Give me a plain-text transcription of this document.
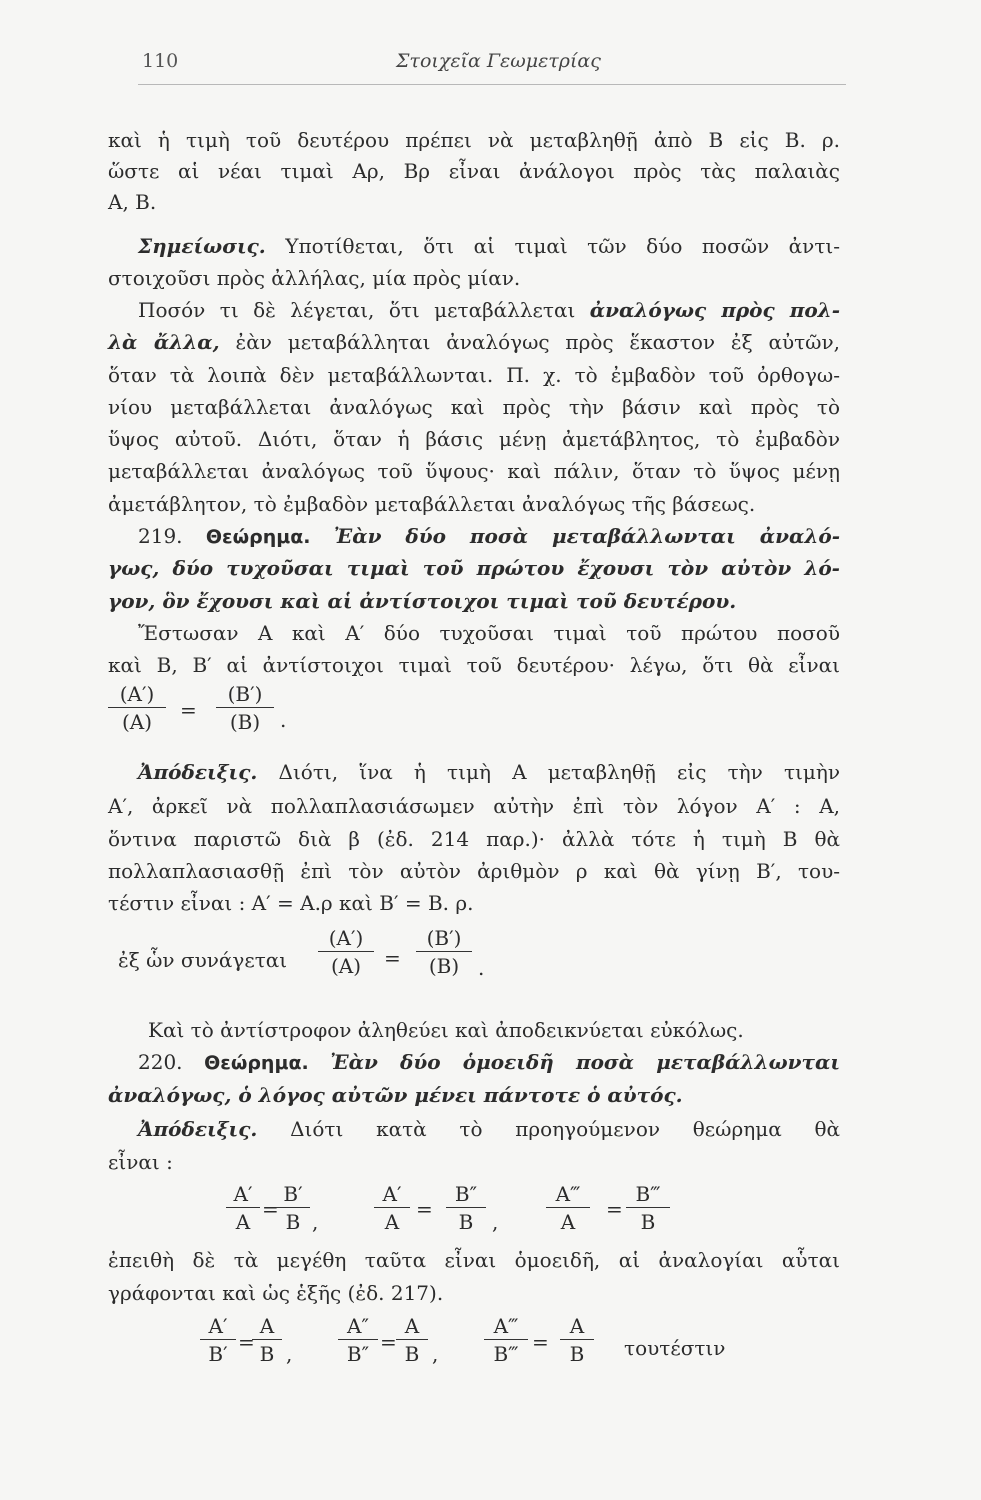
110	Στοιχεῖα Γεωμετρίας
καὶ ἡ τιμὴ τοῦ δευτέρου πρέπει νὰ μεταβληθῇ ἀπὸ Β εἰς Β. ρ.
ὥστε αἱ νέαι τιμαὶ Αρ, Βρ εἶναι ἀνάλογοι πρὸς τὰς παλαιὰς
Α, Β.
Σημείωσις. Υποτίθεται, ὅτι αἱ τιμαὶ τῶν δύο ποσῶν ἀντι-
στοιχοῦσι πρὸς ἀλλήλας, μία πρὸς μίαν.
Ποσόν τι δὲ λέγεται, ὅτι μεταβάλλεται ἀναλόγως πρὸς πολ-
λὰ ἄλλα, ἐὰν μεταβάλληται ἀναλόγως πρὸς ἕκαστον ἐξ αὐτῶν,
ὅταν τὰ λοιπὰ δὲν μεταβάλλωνται. Π. χ. τὸ ἐμβαδὸν τοῦ ὀρθογω-
νίου μεταβάλλεται ἀναλόγως καὶ πρὸς τὴν βάσιν καὶ πρὸς τὸ
ὕψος αὐτοῦ. Διότι, ὅταν ἡ βάσις μένῃ ἀμετάβλητος, τὸ ἐμβαδὸν
μεταβάλλεται ἀναλόγως τοῦ ὕψους· καὶ πάλιν, ὅταν τὸ ὕψος μένῃ
ἀμετάβλητον, τὸ ἐμβαδὸν μεταβάλλεται ἀναλόγως τῆς βάσεως.
219. Θεώρημα. Ἐὰν δύο ποσὰ μεταβάλλωνται ἀναλό-
γως, δύο τυχοῦσαι τιμαὶ τοῦ πρώτου ἔχουσι τὸν αὐτὸν λό-
γον, ὃν ἔχουσι καὶ αἱ ἀντίστοιχοι τιμαὶ τοῦ δευτέρου.
Ἔστωσαν Α καὶ Α′ δύο τυχοῦσαι τιμαὶ τοῦ πρώτου ποσοῦ
καὶ Β, Β′ αἱ ἀντίστοιχοι τιμαὶ τοῦ δευτέρου· λέγω, ὅτι θὰ εἶναι
(Α′)
(Α)	=
(Β′)
(Β) .
Ἀπόδειξις. Διότι, ἵνα ἡ τιμὴ Α μεταβληθῇ εἰς τὴν τιμὴν
Α′, ἀρκεῖ νὰ πολλαπλασιάσωμεν αὐτὴν ἐπὶ τὸν λόγον Α′ : Α,
ὅντινα παριστῶ διὰ β (ἐδ. 214 παρ.)· ἀλλὰ τότε ἡ τιμὴ Β θὰ
πολλαπλασιασθῇ ἐπὶ τὸν αὐτὸν ἀριθμὸν ρ καὶ θὰ γίνῃ Β′, του-
τέστιν εἶναι : Α′ = Α.ρ καὶ Β′ = Β. ρ.
ἐξ ὧν συνάγεται
(Α′)
(Α)	=
(Β′)
(Β) .
Καὶ τὸ ἀντίστροφον ἀληθεύει καὶ ἀποδεικνύεται εὐκόλως.
220. Θεώρημα. Ἐὰν δύο ὁμοειδῆ ποσὰ μεταβάλλωνται
ἀναλόγως, ὁ λόγος αὐτῶν μένει πάντοτε ὁ αὐτός.
Ἀπόδειξις. Διότι κατὰ τὸ προηγούμενον θεώρημα θὰ
εἶναι :
Α′
Α
=
Β′
Β ,
Α′
Α
=
Β″
Β ,
Α‴
Α
=
Β‴
Β
ἐπειθὴ δὲ τὰ μεγέθη ταῦτα εἶναι ὁμοειδῆ, αἱ ἀναλογίαι αὗται
γράφονται καὶ ὡς ἑξῆς (ἐδ. 217).
Α′
Β′ =
Α
Β ,
Α″
Β″ =
Α
Β ,
Α‴
Β‴ =
Α
Β	τουτέστιν
